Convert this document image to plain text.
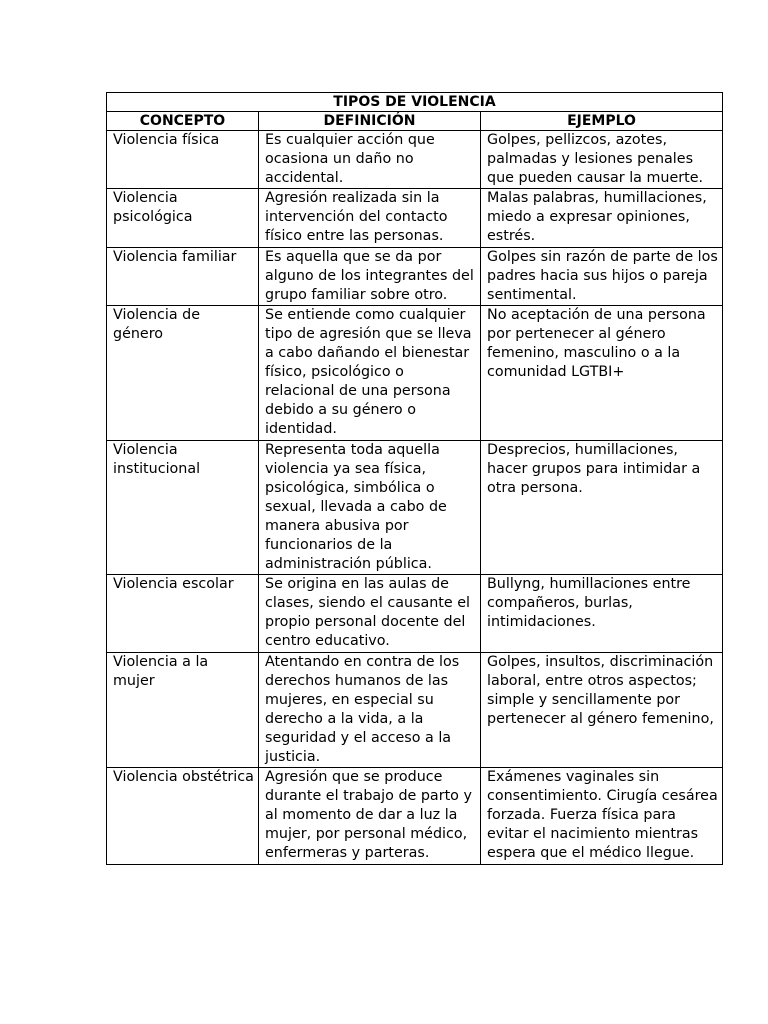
TIPOS DE VIOLENCIA		
CONCEPTO	DEFINICIÓN	EJEMPLO
Violencia física	Es cualquier acción que ocasiona un daño no accidental.	Golpes, pellizcos, azotes, palmadas y lesiones penales que pueden causar la muerte.
Violencia psicológica	Agresión realizada sin la intervención del contacto físico entre las personas.	Malas palabras, humillaciones, miedo a expresar opiniones, estrés.
Violencia familiar	Es aquella que se da por alguno de los integrantes del grupo familiar sobre otro.	Golpes sin razón de parte de los padres hacia sus hijos o pareja sentimental.
Violencia de género	Se entiende como cualquier tipo de agresión que se lleva a cabo dañando el bienestar físico, psicológico o relacional de una persona debido a su género o identidad.	No aceptación de una persona por pertenecer al género femenino, masculino o a la comunidad LGTBI+
Violencia institucional	Representa toda aquella violencia ya sea física, psicológica, simbólica o sexual, llevada a cabo de manera abusiva por funcionarios de la administración pública.	Desprecios, humillaciones, hacer grupos para intimidar a otra persona.
Violencia escolar	Se origina en las aulas de clases, siendo el causante el propio personal docente del centro educativo.	Bullyng, humillaciones entre compañeros, burlas, intimidaciones.
Violencia a la mujer	Atentando en contra de los derechos humanos de las mujeres, en especial su derecho a la vida, a la seguridad y el acceso a la justicia.	Golpes, insultos, discriminación laboral, entre otros aspectos; simple y sencillamente por pertenecer al género femenino,
Violencia obstétrica	Agresión que se produce durante el trabajo de parto y al momento de dar a luz la mujer, por personal médico, enfermeras y parteras.	Exámenes vaginales sin consentimiento. Cirugía cesárea forzada. Fuerza física para evitar el nacimiento mientras espera que el médico llegue.
